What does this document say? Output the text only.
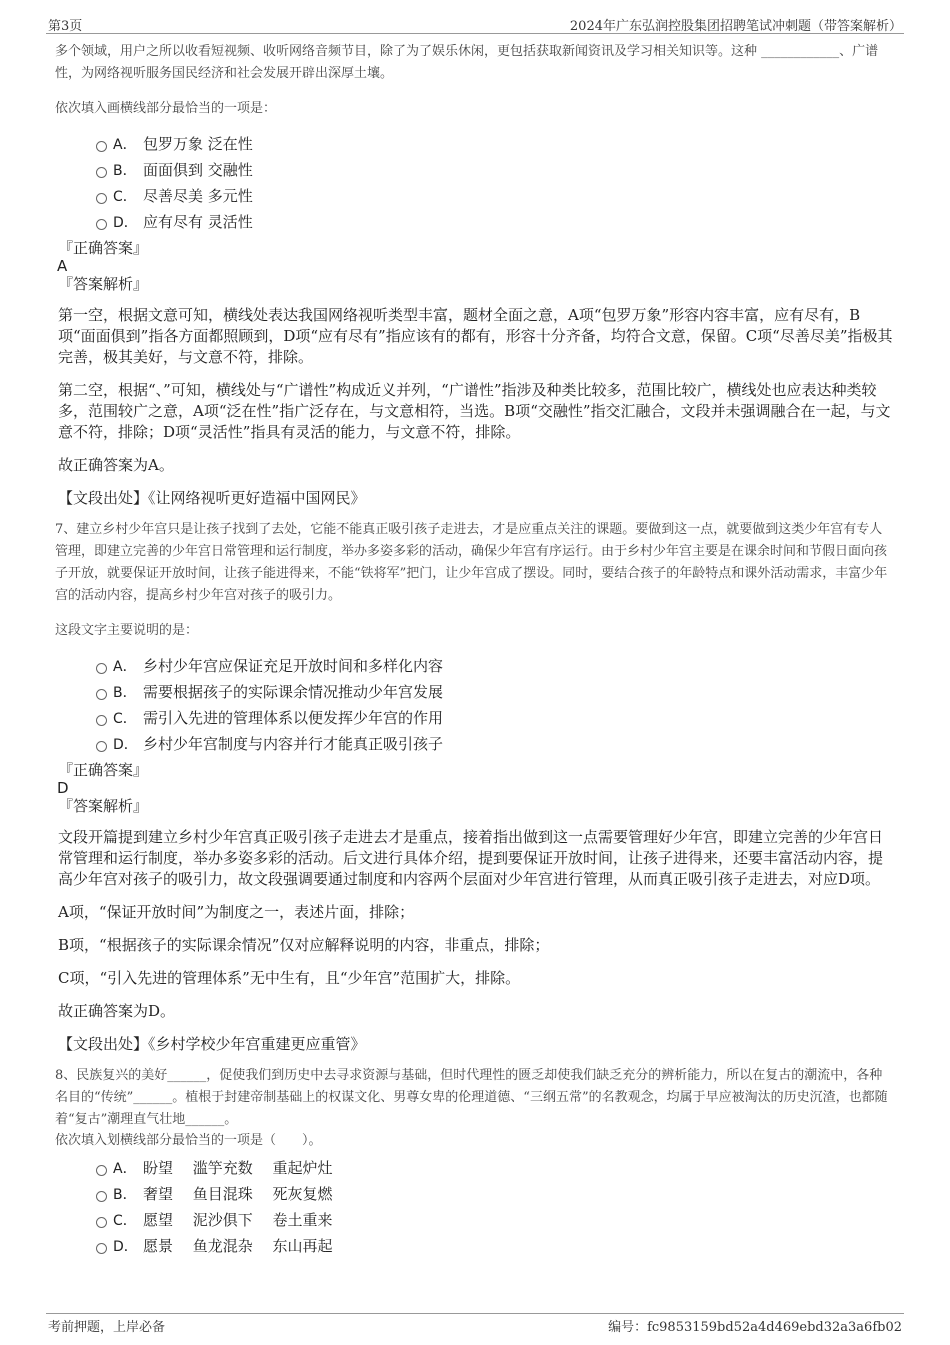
第3页	2024年广东弘润控股集团招聘笔试冲刺题（带答案解析）

多个领域，用户之所以收看短视频、收听网络音频节目，除了为了娱乐休闲，更包括获取新闻资讯及学习相关知识等。这种 ____________、广谱性，为网络视听服务国民经济和社会发展开辟出深厚土壤。

依次填入画横线部分最恰当的一项是：

A． 包罗万象 泛在性
B． 面面俱到 交融性
C． 尽善尽美 多元性
D． 应有尽有 灵活性

『正确答案』

A

『答案解析』

第一空，根据文意可知，横线处表达我国网络视听类型丰富，题材全面之意，A项“包罗万象”形容内容丰富，应有尽有，B项“面面俱到”指各方面都照顾到，D项“应有尽有”指应该有的都有，形容十分齐备，均符合文意，保留。C项“尽善尽美”指极其完善，极其美好，与文意不符，排除。

第二空，根据“、”可知，横线处与“广谱性”构成近义并列，“广谱性”指涉及种类比较多，范围比较广，横线处也应表达种类较多，范围较广之意，A项“泛在性”指广泛存在，与文意相符，当选。B项“交融性”指交汇融合，文段并未强调融合在一起，与文意不符，排除；D项“灵活性”指具有灵活的能力，与文意不符，排除。

故正确答案为A。

【文段出处】《让网络视听更好造福中国网民》

7、建立乡村少年宫只是让孩子找到了去处，它能不能真正吸引孩子走进去，才是应重点关注的课题。要做到这一点，就要做到这类少年宫有专人管理，即建立完善的少年宫日常管理和运行制度，举办多姿多彩的活动，确保少年宫有序运行。由于乡村少年宫主要是在课余时间和节假日面向孩子开放，就要保证开放时间，让孩子能进得来，不能“铁将军”把门，让少年宫成了摆设。同时，要结合孩子的年龄特点和课外活动需求，丰富少年宫的活动内容，提高乡村少年宫对孩子的吸引力。

这段文字主要说明的是：

A． 乡村少年宫应保证充足开放时间和多样化内容
B． 需要根据孩子的实际课余情况推动少年宫发展
C． 需引入先进的管理体系以便发挥少年宫的作用
D． 乡村少年宫制度与内容并行才能真正吸引孩子

『正确答案』

D

『答案解析』

文段开篇提到建立乡村少年宫真正吸引孩子走进去才是重点，接着指出做到这一点需要管理好少年宫，即建立完善的少年宫日常管理和运行制度，举办多姿多彩的活动。后文进行具体介绍，提到要保证开放时间，让孩子进得来，还要丰富活动内容，提高少年宫对孩子的吸引力，故文段强调要通过制度和内容两个层面对少年宫进行管理，从而真正吸引孩子走进去，对应D项。

A项，“保证开放时间”为制度之一，表述片面，排除；

B项，“根据孩子的实际课余情况”仅对应解释说明的内容，非重点，排除；

C项，“引入先进的管理体系”无中生有，且“少年宫”范围扩大，排除。

故正确答案为D。

【文段出处】《乡村学校少年宫重建更应重管》

8、民族复兴的美好______，促使我们到历史中去寻求资源与基础，但时代理性的匮乏却使我们缺乏充分的辨析能力，所以在复古的潮流中，各种名目的“传统”______。植根于封建帝制基础上的权谋文化、男尊女卑的伦理道德、“三纲五常”的名教观念，均属于早应被淘汰的历史沉渣，也都随着“复古”潮理直气壮地______。

依次填入划横线部分最恰当的一项是（　　）。

A． 盼望　 滥竽充数　 重起炉灶
B． 奢望　 鱼目混珠　 死灰复燃
C． 愿望　 泥沙俱下　 卷土重来
D． 愿景　 鱼龙混杂　 东山再起
考前押题，上岸必备	编号：fc9853159bd52a4d469ebd32a3a6fb02
